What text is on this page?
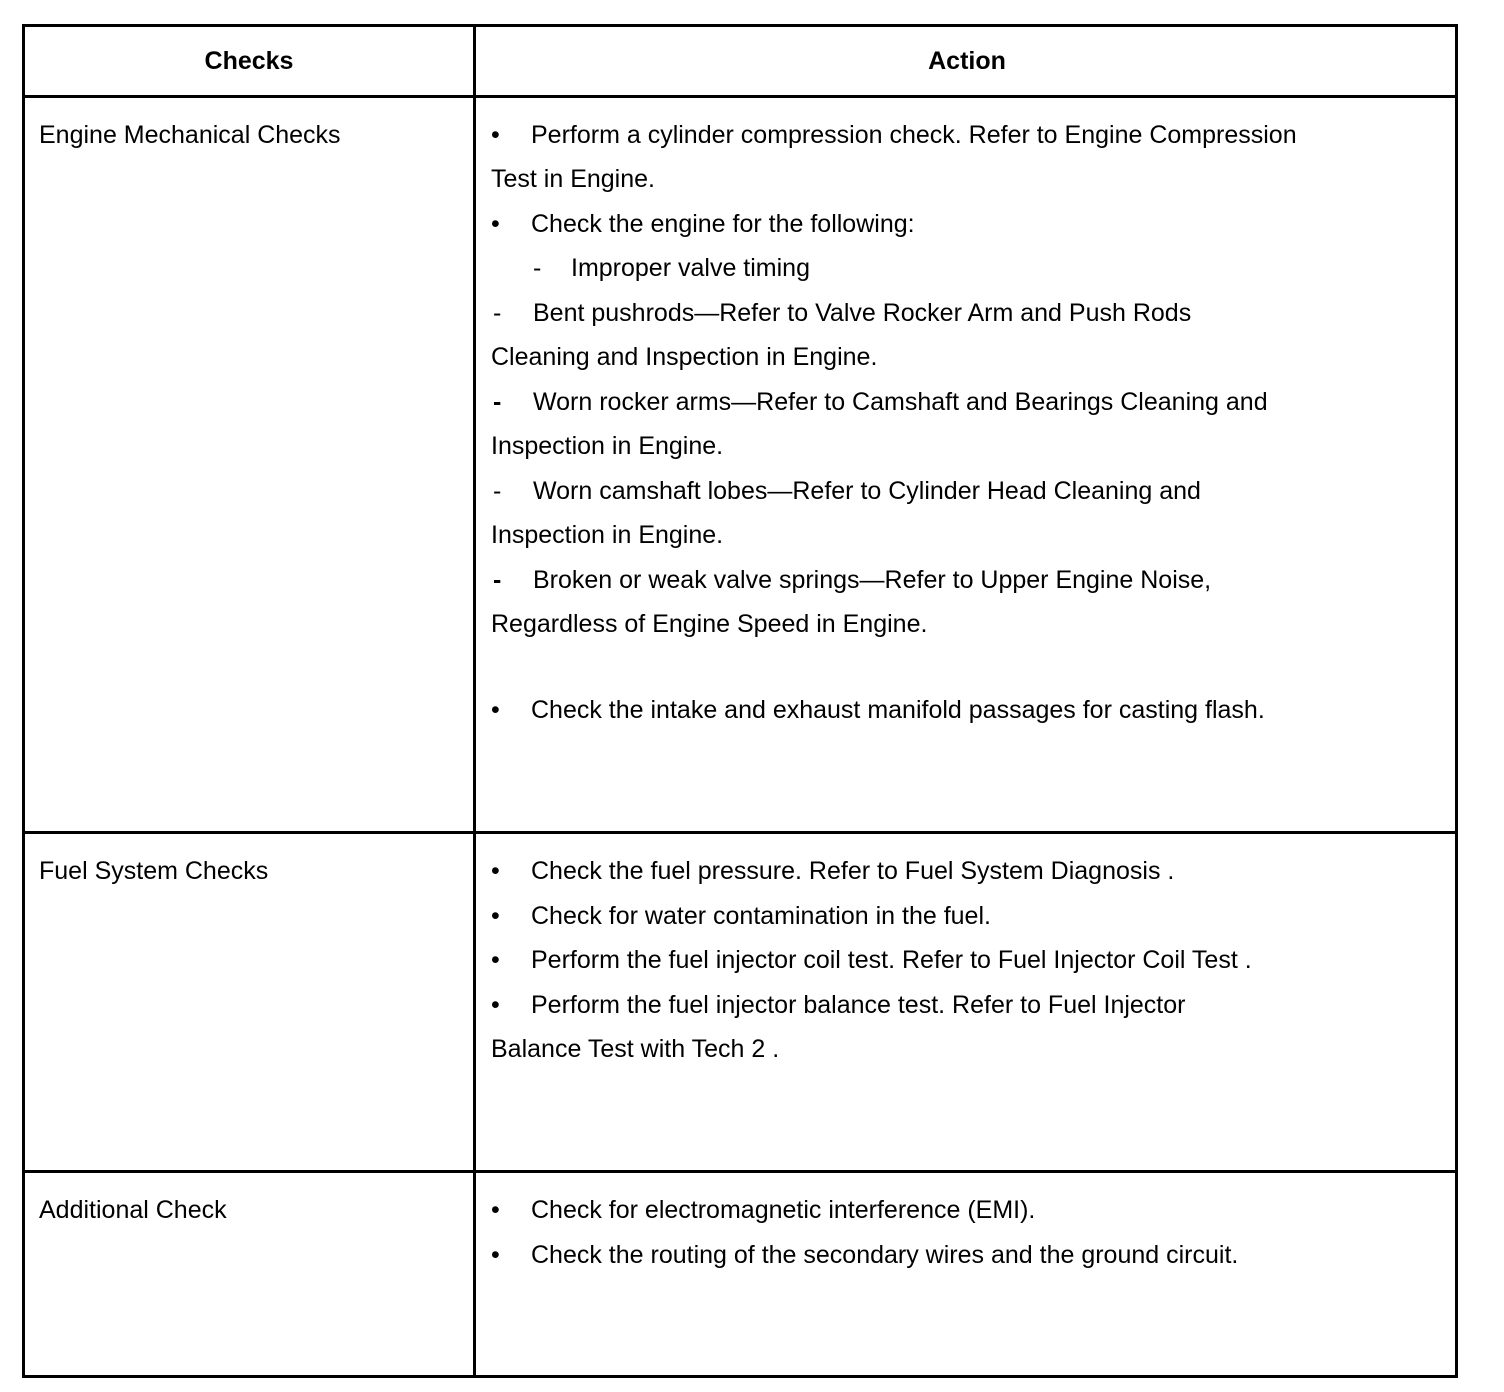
Checks	Action
Engine Mechanical Checks	• Perform a cylinder compression check. Refer to Engine Compression
Test in Engine.
• Check the engine for the following:
- Improper valve timing
- Bent pushrods—Refer to Valve Rocker Arm and Push Rods
Cleaning and Inspection in Engine.
- Worn rocker arms—Refer to Camshaft and Bearings Cleaning and
Inspection in Engine.
- Worn camshaft lobes—Refer to Cylinder Head Cleaning and
Inspection in Engine.
- Broken or weak valve springs—Refer to Upper Engine Noise,
Regardless of Engine Speed in Engine.
• Check the intake and exhaust manifold passages for casting flash.
Fuel System Checks	• Check the fuel pressure. Refer to Fuel System Diagnosis .
• Check for water contamination in the fuel.
• Perform the fuel injector coil test. Refer to Fuel Injector Coil Test .
• Perform the fuel injector balance test. Refer to Fuel Injector
Balance Test with Tech 2 .
Additional Check	• Check for electromagnetic interference (EMI).
• Check the routing of the secondary wires and the ground circuit.
